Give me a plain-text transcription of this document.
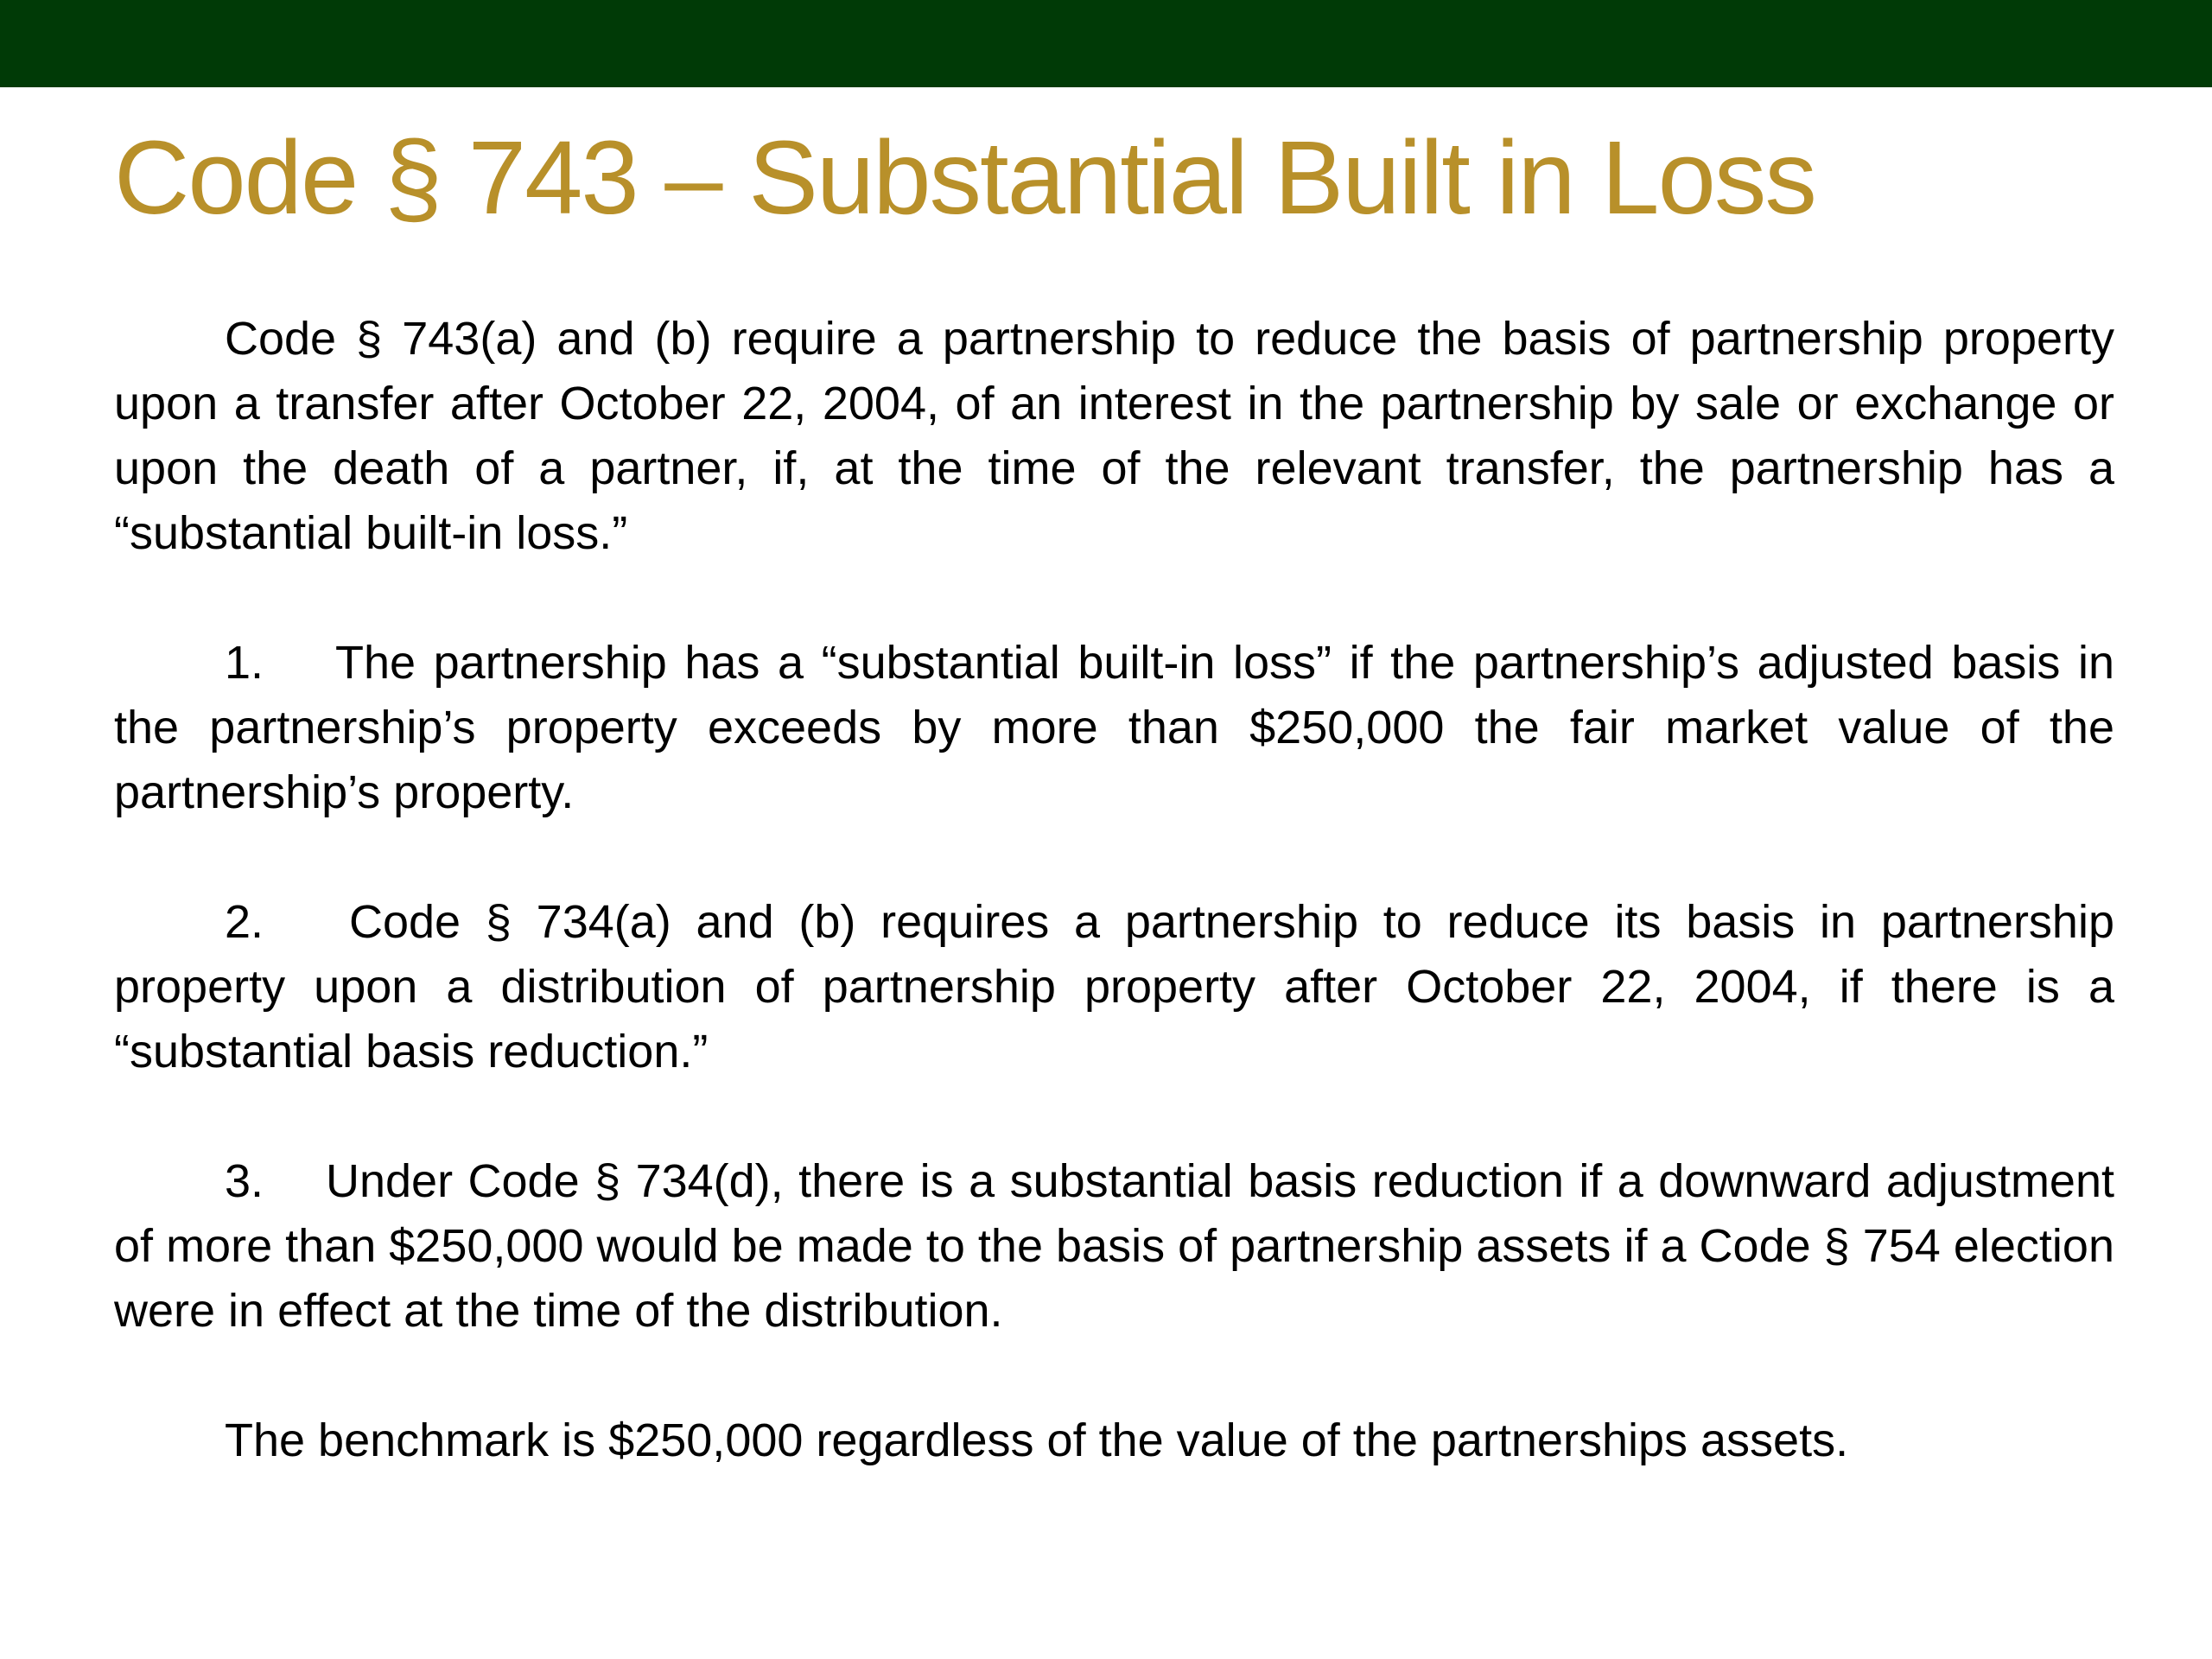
Code § 743 – Substantial Built in Loss

Code § 743(a) and (b) require a partnership to reduce the basis of partnership property upon a transfer after October 22, 2004, of an interest in the partnership by sale or exchange or upon the death of a partner, if, at the time of the relevant transfer, the partnership has a “substantial built-in loss.”

1. The partnership has a “substantial built-in loss” if the partnership’s adjusted basis in the partnership’s property exceeds by more than $250,000 the fair market value of the partnership’s property.

2. Code § 734(a) and (b) requires a partnership to reduce its basis in partnership property upon a distribution of partnership property after October 22, 2004, if there is a “substantial basis reduction.”

3. Under Code § 734(d), there is a substantial basis reduction if a downward adjustment of more than $250,000 would be made to the basis of partnership assets if a Code § 754 election were in effect at the time of the distribution.

The benchmark is $250,000 regardless of the value of the partnerships assets.
